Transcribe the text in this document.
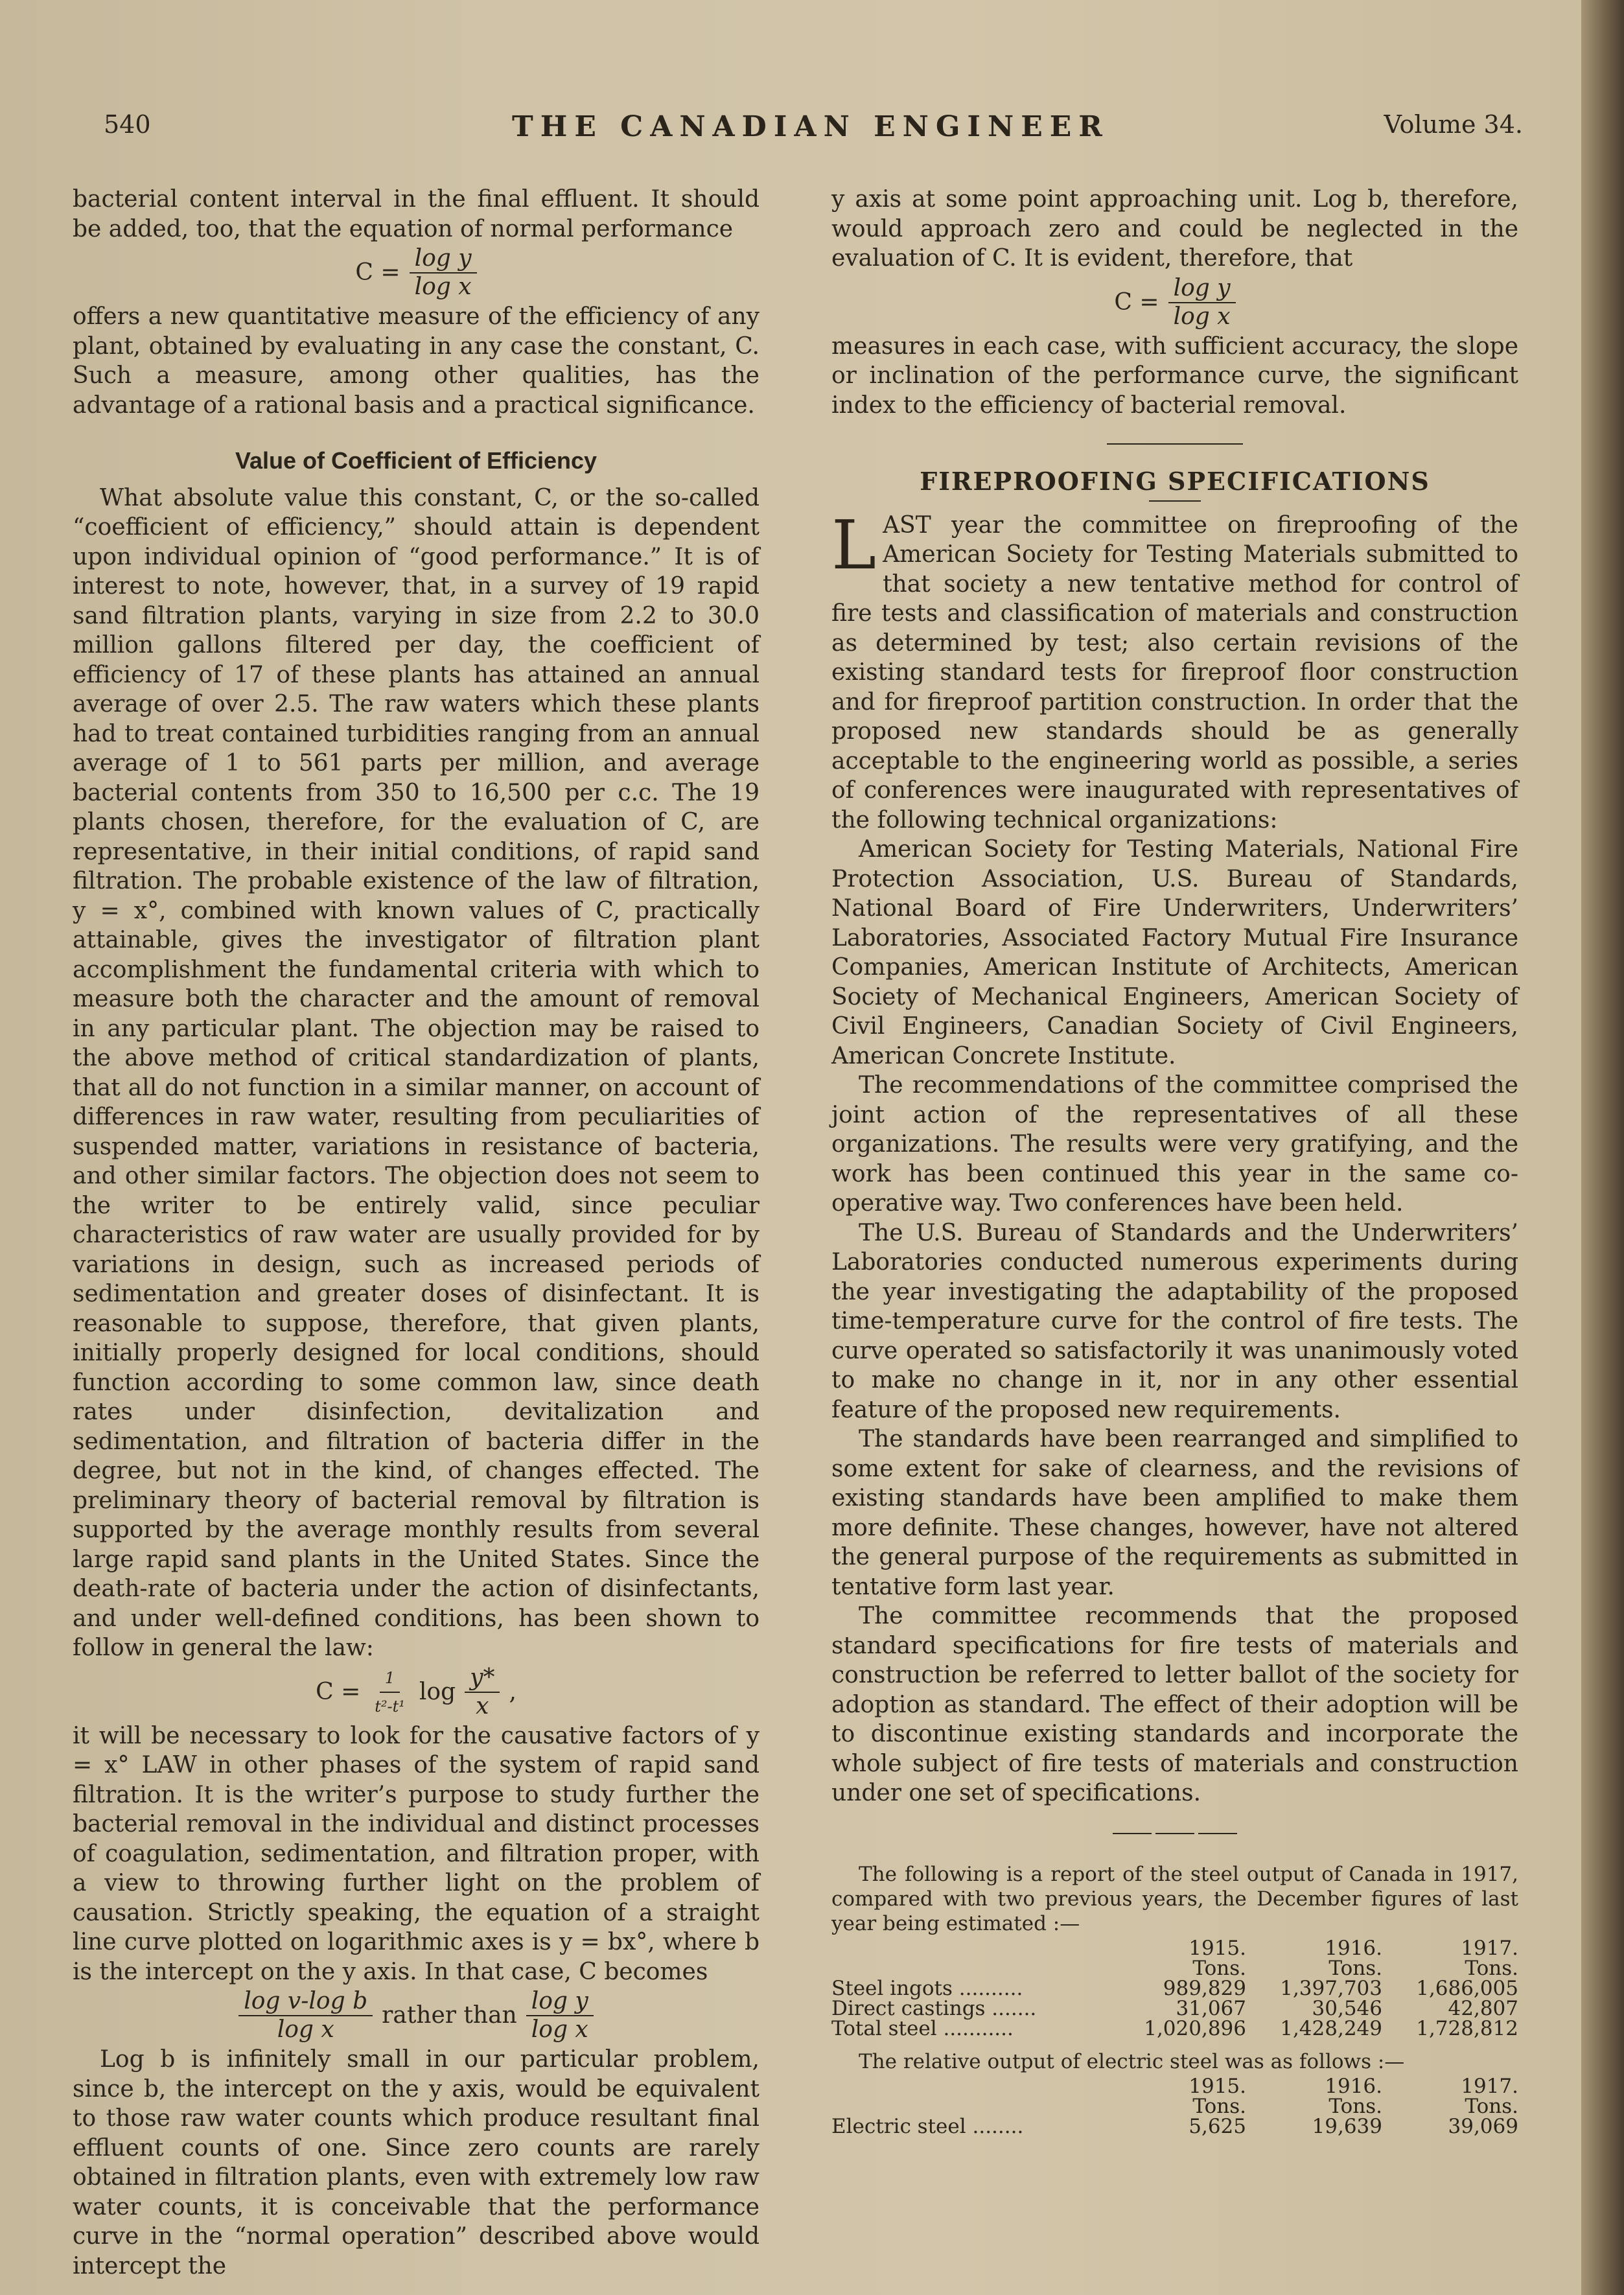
540	THE CANADIAN ENGINEER	Volume 34.

bacterial content interval in the final effluent. It should be added, too, that the equation of normal performance

$C = \frac{\text{log y}}{\text{log x}}$

offers a new quantitative measure of the efficiency of any plant, obtained by evaluating in any case the constant, C. Such a measure, among other qualities, has the advantage of a rational basis and a practical significance.

Value of Coefficient of Efficiency

What absolute value this constant, C, or the so-called “coefficient of efficiency,” should attain is dependent upon individual opinion of “good performance.” It is of interest to note, however, that, in a survey of 19 rapid sand filtration plants, varying in size from 2.2 to 30.0 million gallons filtered per day, the coefficient of efficiency of 17 of these plants has attained an annual average of over 2.5. The raw waters which these plants had to treat contained turbidities ranging from an annual average of 1 to 561 parts per million, and average bacterial contents from 350 to 16,500 per c.c. The 19 plants chosen, therefore, for the evaluation of C, are representative, in their initial conditions, of rapid sand filtration. The probable existence of the law of filtration, y = x°, combined with known values of C, practically attainable, gives the investigator of filtration plant accomplishment the fundamental criteria with which to measure both the character and the amount of removal in any particular plant. The objection may be raised to the above method of critical standardization of plants, that all do not function in a similar manner, on account of differences in raw water, resulting from peculiarities of suspended matter, variations in resistance of bacteria, and other similar factors. The objection does not seem to the writer to be entirely valid, since peculiar characteristics of raw water are usually provided for by variations in design, such as increased periods of sedimentation and greater doses of disinfectant. It is reasonable to suppose, therefore, that given plants, initially properly designed for local conditions, should function according to some common law, since death rates under disinfection, devitalization and sedimentation, and filtration of bacteria differ in the degree, but not in the kind, of changes effected. The preliminary theory of bacterial removal by filtration is supported by the average monthly results from several large rapid sand plants in the United States. Since the death-rate of bacteria under the action of disinfectants, and under well-defined conditions, has been shown to follow in general the law:

$C = \frac{1}{\text{t²-t¹}}$ $\log \frac{y*}{x}$ ,

it will be necessary to look for the causative factors of y = x° LAW in other phases of the system of rapid sand filtration. It is the writer’s purpose to study further the bacterial removal in the individual and distinct processes of coagulation, sedimentation, and filtration proper, with a view to throwing further light on the problem of causation. Strictly speaking, the equation of a straight line curve plotted on logarithmic axes is y = bx°, where b is the intercept on the y axis. In that case, C becomes

$\frac{\text{log v-log b}}{\text{log x}}$ rather than $\frac{\text{log y}}{\text{log x}}$

Log b is infinitely small in our particular problem, since b, the intercept on the y axis, would be equivalent to those raw water counts which produce resultant final effluent counts of one. Since zero counts are rarely obtained in filtration plants, even with extremely low raw water counts, it is conceivable that the performance curve in the “normal operation” described above would intercept the

y axis at some point approaching unit. Log b, therefore, would approach zero and could be neglected in the evaluation of C. It is evident, therefore, that

$C = \frac{\text{log y}}{\text{log x}}$

measures in each case, with sufficient accuracy, the slope or inclination of the performance curve, the significant index to the efficiency of bacterial removal.

FIREPROOFING SPECIFICATIONS

LAST year the committee on fireproofing of the American Society for Testing Materials submitted to that society a new tentative method for control of fire tests and classification of materials and construction as determined by test; also certain revisions of the existing standard tests for fireproof floor construction and for fireproof partition construction. In order that the proposed new standards should be as generally acceptable to the engineering world as possible, a series of conferences were inaugurated with representatives of the following technical organizations:

American Society for Testing Materials, National Fire Protection Association, U.S. Bureau of Standards, National Board of Fire Underwriters, Underwriters’ Laboratories, Associated Factory Mutual Fire Insurance Companies, American Institute of Architects, American Society of Mechanical Engineers, American Society of Civil Engineers, Canadian Society of Civil Engineers, American Concrete Institute.

The recommendations of the committee comprised the joint action of the representatives of all these organizations. The results were very gratifying, and the work has been continued this year in the same co-operative way. Two conferences have been held.

The U.S. Bureau of Standards and the Underwriters’ Laboratories conducted numerous experiments during the year investigating the adaptability of the proposed time-temperature curve for the control of fire tests. The curve operated so satisfactorily it was unanimously voted to make no change in it, nor in any other essential feature of the proposed new requirements.

The standards have been rearranged and simplified to some extent for sake of clearness, and the revisions of existing standards have been amplified to make them more definite. These changes, however, have not altered the general purpose of the requirements as submitted in tentative form last year.

The committee recommends that the proposed standard specifications for fire tests of materials and construction be referred to letter ballot of the society for adoption as standard. The effect of their adoption will be to discontinue existing standards and incorporate the whole subject of fire tests of materials and construction under one set of specifications.

The following is a report of the steel output of Canada in 1917, compared with two previous years, the December figures of last year being estimated :—

	1915.	1916.	1917.
	Tons.	Tons.	Tons.
Steel ingots ..........	989,829	1,397,703	1,686,005
Direct castings .......	31,067	30,546	42,807
Total steel ...........	1,020,896	1,428,249	1,728,812

The relative output of electric steel was as follows :—

	1915.	1916.	1917.
	Tons.	Tons.	Tons.
Electric steel ........	5,625	19,639	39,069
